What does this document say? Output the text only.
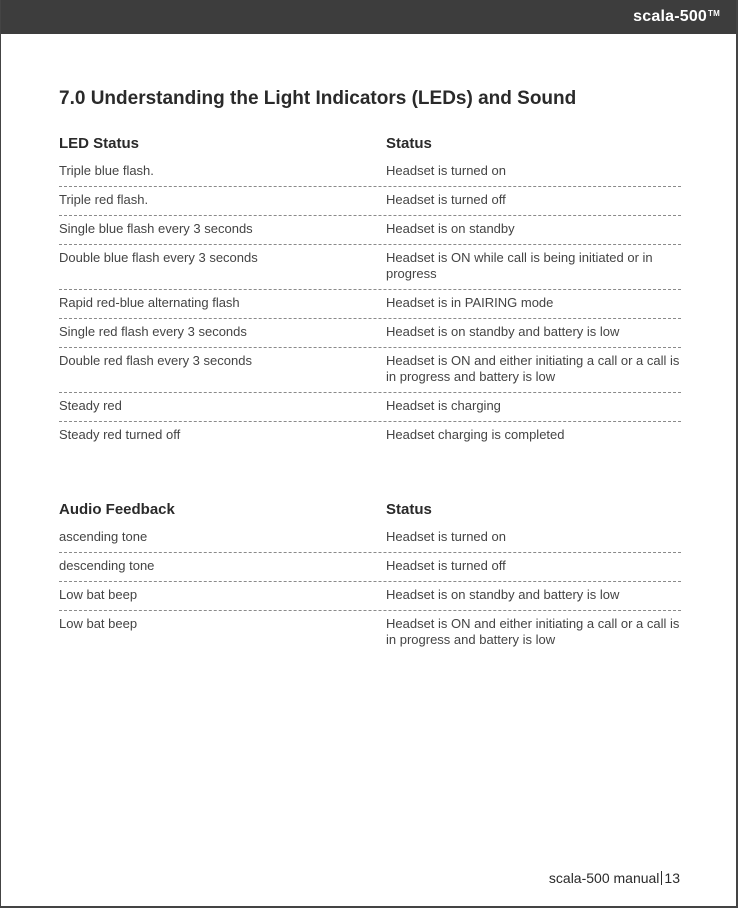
scala-500™
7.0 Understanding the Light Indicators (LEDs) and Sound
LED Status	Status
Triple blue flash.	Headset is turned on
Triple red flash.	Headset is turned off
Single blue flash every 3 seconds	Headset is on standby
Double blue flash every 3 seconds	Headset is ON while call is being initiated or in progress
Rapid red-blue alternating flash	Headset is in PAIRING mode
Single red flash every 3 seconds	Headset is on standby and battery is low
Double red flash every 3 seconds	Headset is ON and either initiating a call or a call is in progress and battery is low
Steady red	Headset is charging
Steady red turned off	Headset charging is completed
Audio Feedback	Status
ascending tone	Headset is turned on
descending tone	Headset is turned off
Low bat beep	Headset is on standby and battery is low
Low bat beep	Headset is ON and either initiating a call or a call is in progress and battery is low
scala-500 manual 13
